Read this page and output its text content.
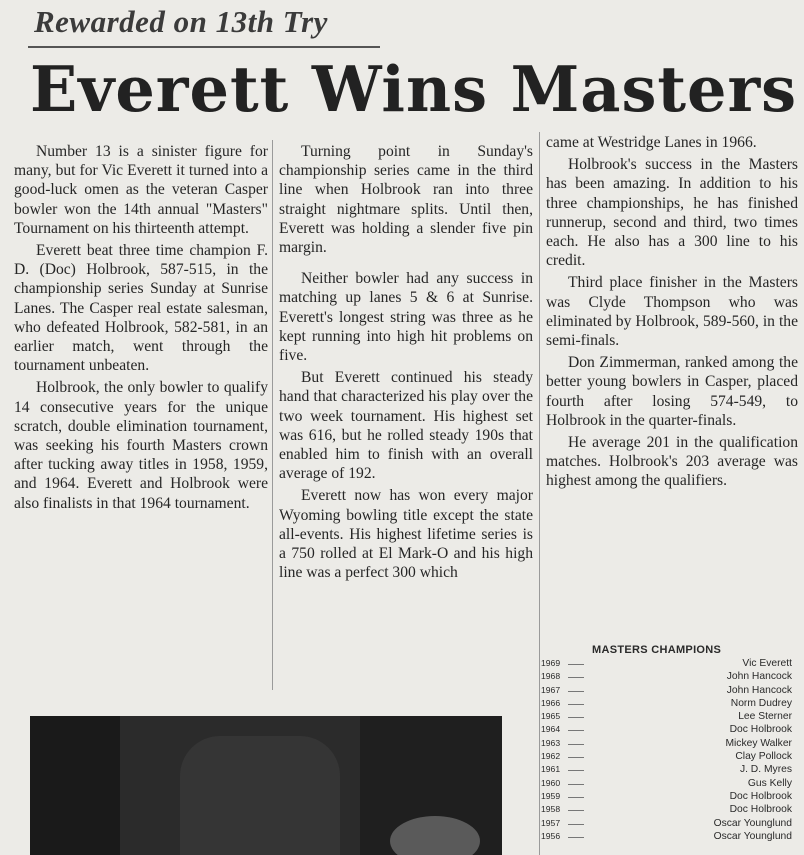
Rewarded on 13th Try
Everett Wins Masters

Number 13 is a sinister figure for many, but for Vic Everett it turned into a good-luck omen as the veteran Casper bowler won the 14th annual "Masters" Tournament on his thirteenth attempt.

Everett beat three time champion F. D. (Doc) Holbrook, 587-515, in the championship series Sunday at Sunrise Lanes. The Casper real estate salesman, who defeated Holbrook, 582-581, in an earlier match, went through the tournament unbeaten.

Holbrook, the only bowler to qualify 14 consecutive years for the unique scratch, double elimination tournament, was seeking his fourth Masters crown after tucking away titles in 1958, 1959, and 1964. Everett and Holbrook were also finalists in that 1964 tournament.

Turning point in Sunday's championship series came in the third line when Holbrook ran into three straight nightmare splits. Until then, Everett was holding a slender five pin margin.

Neither bowler had any success in matching up lanes 5 & 6 at Sunrise. Everett's longest string was three as he kept running into high hit problems on five.

But Everett continued his steady hand that characterized his play over the two week tournament. His highest set was 616, but he rolled steady 190s that enabled him to finish with an overall average of 192.

Everett now has won every major Wyoming bowling title except the state all-events. His highest lifetime series is a 750 rolled at El Mark-O and his high line was a perfect 300 which

came at Westridge Lanes in 1966.

Holbrook's success in the Masters has been amazing. In addition to his three championships, he has finished runnerup, second and third, two times each. He also has a 300 line to his credit.

Third place finisher in the Masters was Clyde Thompson who was eliminated by Holbrook, 589-560, in the semi-finals.

Don Zimmerman, ranked among the better young bowlers in Casper, placed fourth after losing 574-549, to Holbrook in the quarter-finals.

He average 201 in the qualification matches. Holbrook's 203 average was highest among the qualifiers.

MASTERS CHAMPIONS
1969	Vic Everett
1968	John Hancock
1967	John Hancock
1966	Norm Dudrey
1965	Lee Sterner
1964	Doc Holbrook
1963	Mickey Walker
1962	Clay Pollock
1961	J. D. Myres
1960	Gus Kelly
1959	Doc Holbrook
1958	Doc Holbrook
1957	Oscar Younglund
1956	Oscar Younglund
